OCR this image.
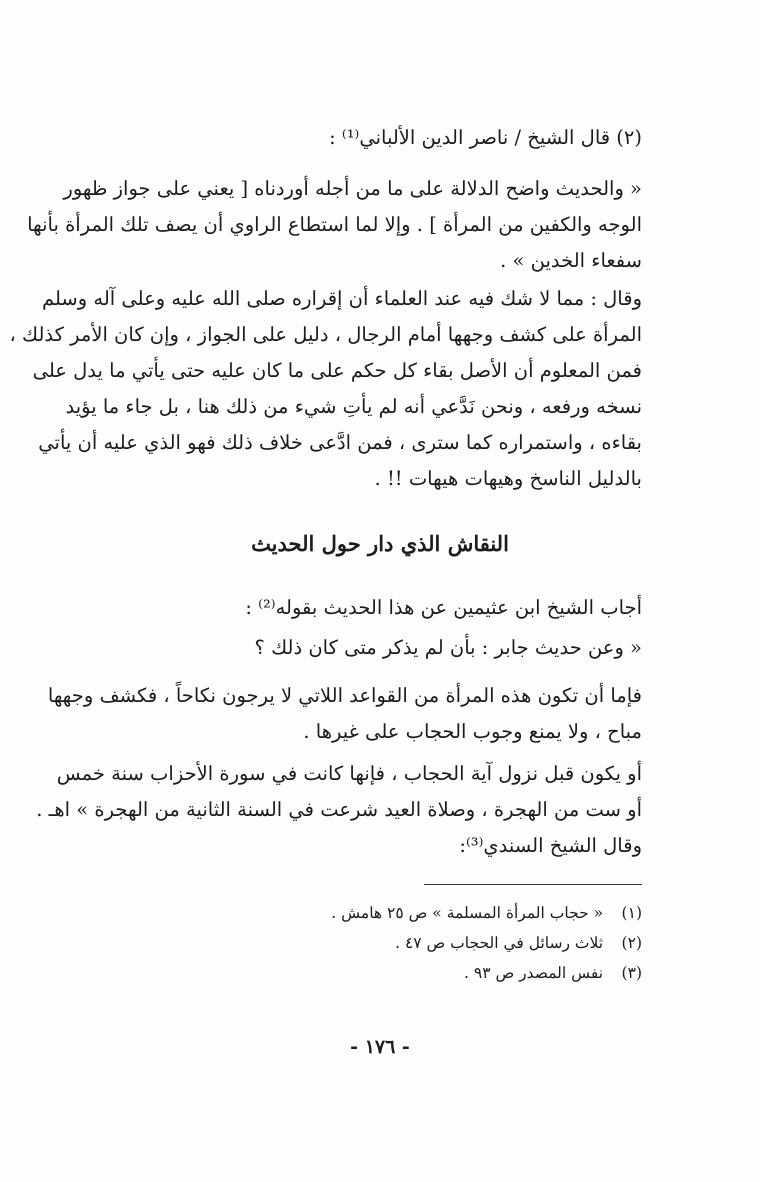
(٢) قال الشيخ / ناصر الدين الألباني⁽¹⁾ :
« والحديث واضح الدلالة على ما من أجله أوردناه [ يعني على جواز ظهور
الوجه والكفين من المرأة ] . وإلا لما استطاع الراوي أن يصف تلك المرأة بأنها
سفعاء الخدين » .
وقال : مما لا شك فيه عند العلماء أن إقراره صلى الله عليه وعلى آله وسلم
المرأة على كشف وجهها أمام الرجال ، دليل على الجواز ، وإن كان الأمر كذلك ،
فمن المعلوم أن الأصل بقاء كل حكم على ما كان عليه حتى يأتي ما يدل على
نسخه ورفعه ، ونحن نَدَّعي أنه لم يأتِ شيء من ذلك هنا ، بل جاء ما يؤيد
بقاءه ، واستمراره كما سترى ، فمن ادَّعى خلاف ذلك فهو الذي عليه أن يأتي
بالدليل الناسخ وهيهات هيهات !! .
النقاش الذي دار حول الحديث
أجاب الشيخ ابن عثيمين عن هذا الحديث بقوله⁽²⁾ :
« وعن حديث جابر : بأن لم يذكر متى كان ذلك ؟
فإما أن تكون هذه المرأة من القواعد اللاتي لا يرجون نكاحاً ، فكشف وجهها
مباح ، ولا يمنع وجوب الحجاب على غيرها .
أو يكون قبل نزول آية الحجاب ، فإنها كانت في سورة الأحزاب سنة خمس
أو ست من الهجرة ، وصلاة العيد شرعت في السنة الثانية من الهجرة » اهـ .
وقال الشيخ السندي⁽³⁾:
(١) « حجاب المرأة المسلمة » ص ٢٥ هامش .
(٢) ثلاث رسائل في الحجاب ص ٤٧ .
(٣) نفس المصدر ص ٩٣ .
- ١٧٦ -
